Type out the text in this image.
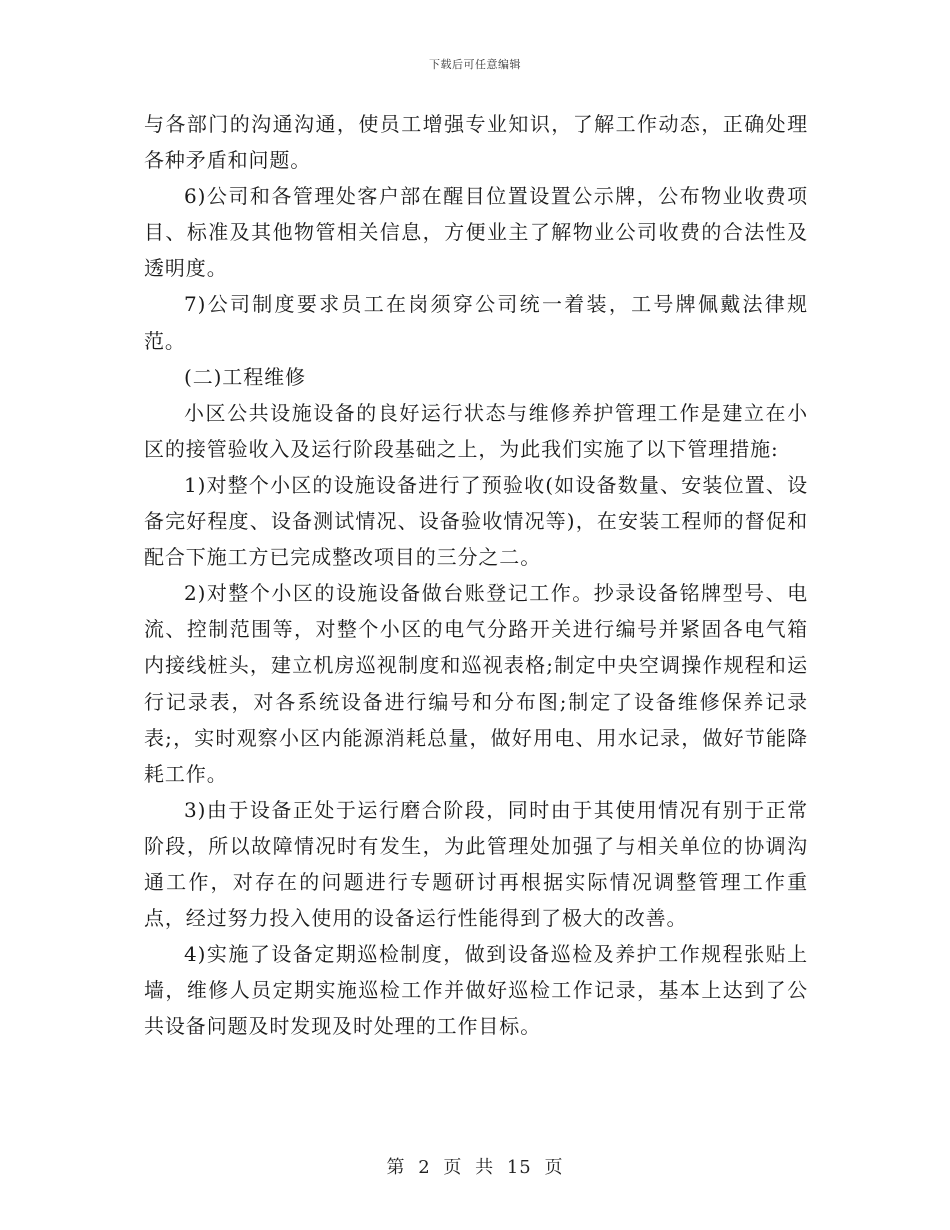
下载后可任意编辑

与各部门的沟通沟通，使员工增强专业知识，了解工作动态，正确处理各种矛盾和问题。

6)公司和各管理处客户部在醒目位置设置公示牌，公布物业收费项目、标准及其他物管相关信息，方便业主了解物业公司收费的合法性及透明度。

7)公司制度要求员工在岗须穿公司统一着装，工号牌佩戴法律规范。

(二)工程维修

小区公共设施设备的良好运行状态与维修养护管理工作是建立在小区的接管验收入及运行阶段基础之上，为此我们实施了以下管理措施:

1)对整个小区的设施设备进行了预验收(如设备数量、安装位置、设备完好程度、设备测试情况、设备验收情况等)，在安装工程师的督促和配合下施工方已完成整改项目的三分之二。

2)对整个小区的设施设备做台账登记工作。抄录设备铭牌型号、电流、控制范围等，对整个小区的电气分路开关进行编号并紧固各电气箱内接线桩头，建立机房巡视制度和巡视表格;制定中央空调操作规程和运行记录表，对各系统设备进行编号和分布图;制定了设备维修保养记录表;，实时观察小区内能源消耗总量，做好用电、用水记录，做好节能降耗工作。

3)由于设备正处于运行磨合阶段，同时由于其使用情况有别于正常阶段，所以故障情况时有发生，为此管理处加强了与相关单位的协调沟通工作，对存在的问题进行专题研讨再根据实际情况调整管理工作重点，经过努力投入使用的设备运行性能得到了极大的改善。

4)实施了设备定期巡检制度，做到设备巡检及养护工作规程张贴上墙，维修人员定期实施巡检工作并做好巡检工作记录，基本上达到了公共设备问题及时发现及时处理的工作目标。

第 2 页 共 15 页
